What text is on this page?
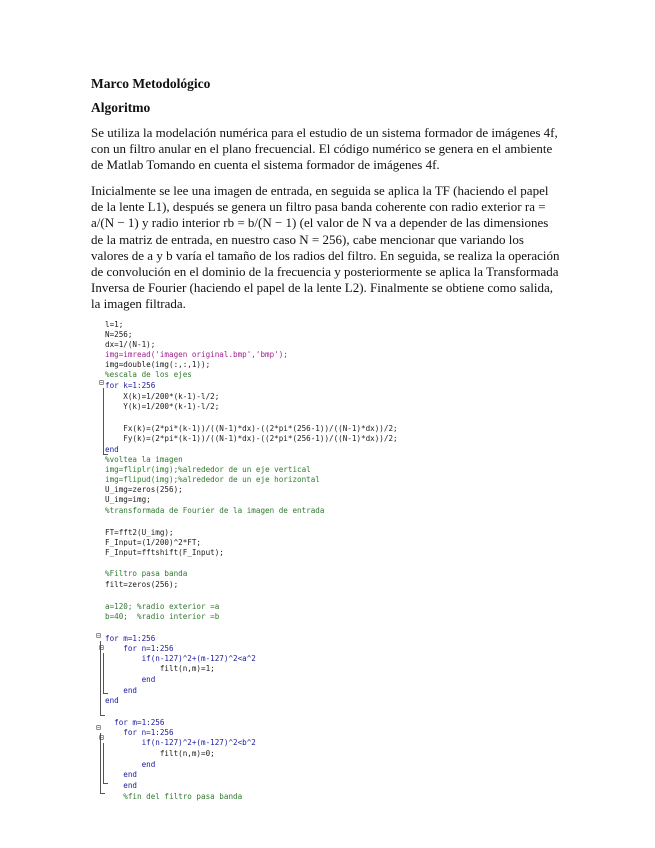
Marco Metodológico
Algoritmo

Se utiliza la modelación numérica para el estudio de un sistema formador de imágenes 4f, con un filtro anular en el plano frecuencial. El código numérico se genera en el ambiente de Matlab Tomando en cuenta el sistema formador de imágenes 4f.

Inicialmente se lee una imagen de entrada, en seguida se aplica la TF (haciendo el papel de la lente L1), después se genera un filtro pasa banda coherente con radio exterior ra = a/(N − 1) y radio interior rb = b/(N − 1) (el valor de N va a depender de las dimensiones de la matriz de entrada, en nuestro caso N = 256), cabe mencionar que variando los valores de a y b varía el tamaño de los radios del filtro. En seguida, se realiza la operación de convolución en el dominio de la frecuencia y posteriormente se aplica la Transformada Inversa de Fourier (haciendo el papel de la lente L2). Finalmente se obtiene como salida, la imagen filtrada.

l=1;
N=256;
dx=1/(N-1);
img=imread('imagen original.bmp','bmp');
img=double(img(:,:,1));
%escala de los ejes
for k=1:256
X(k)=1/200*(k-1)-l/2;
Y(k)=1/200*(k-1)-l/2;
Fx(k)=(2*pi*(k-1))/((N-1)*dx)-((2*pi*(256-1))/((N-1)*dx))/2;
Fy(k)=(2*pi*(k-1))/((N-1)*dx)-((2*pi*(256-1))/((N-1)*dx))/2;
end
%voltea la imagen
img=fliplr(img);%alrededor de un eje vertical
img=flipud(img);%alrededor de un eje horizontal
U_img=zeros(256);
U_img=img;
%transformada de Fourier de la imagen de entrada
FT=fft2(U_img);
F_Input=(1/200)^2*FT;
F_Input=fftshift(F_Input);
%Filtro pasa banda
filt=zeros(256);
a=120; %radio exterior =a
b=40;  %radio interior =b
for m=1:256
for n=1:256
if(n-127)^2+(m-127)^2<a^2
filt(n,m)=1;
end
end
end
for m=1:256
for n=1:256
if(n-127)^2+(m-127)^2<b^2
filt(n,m)=0;
end
end
end
%fin del filtro pasa banda
⊟
⊟
⊟
⊟
⊟
